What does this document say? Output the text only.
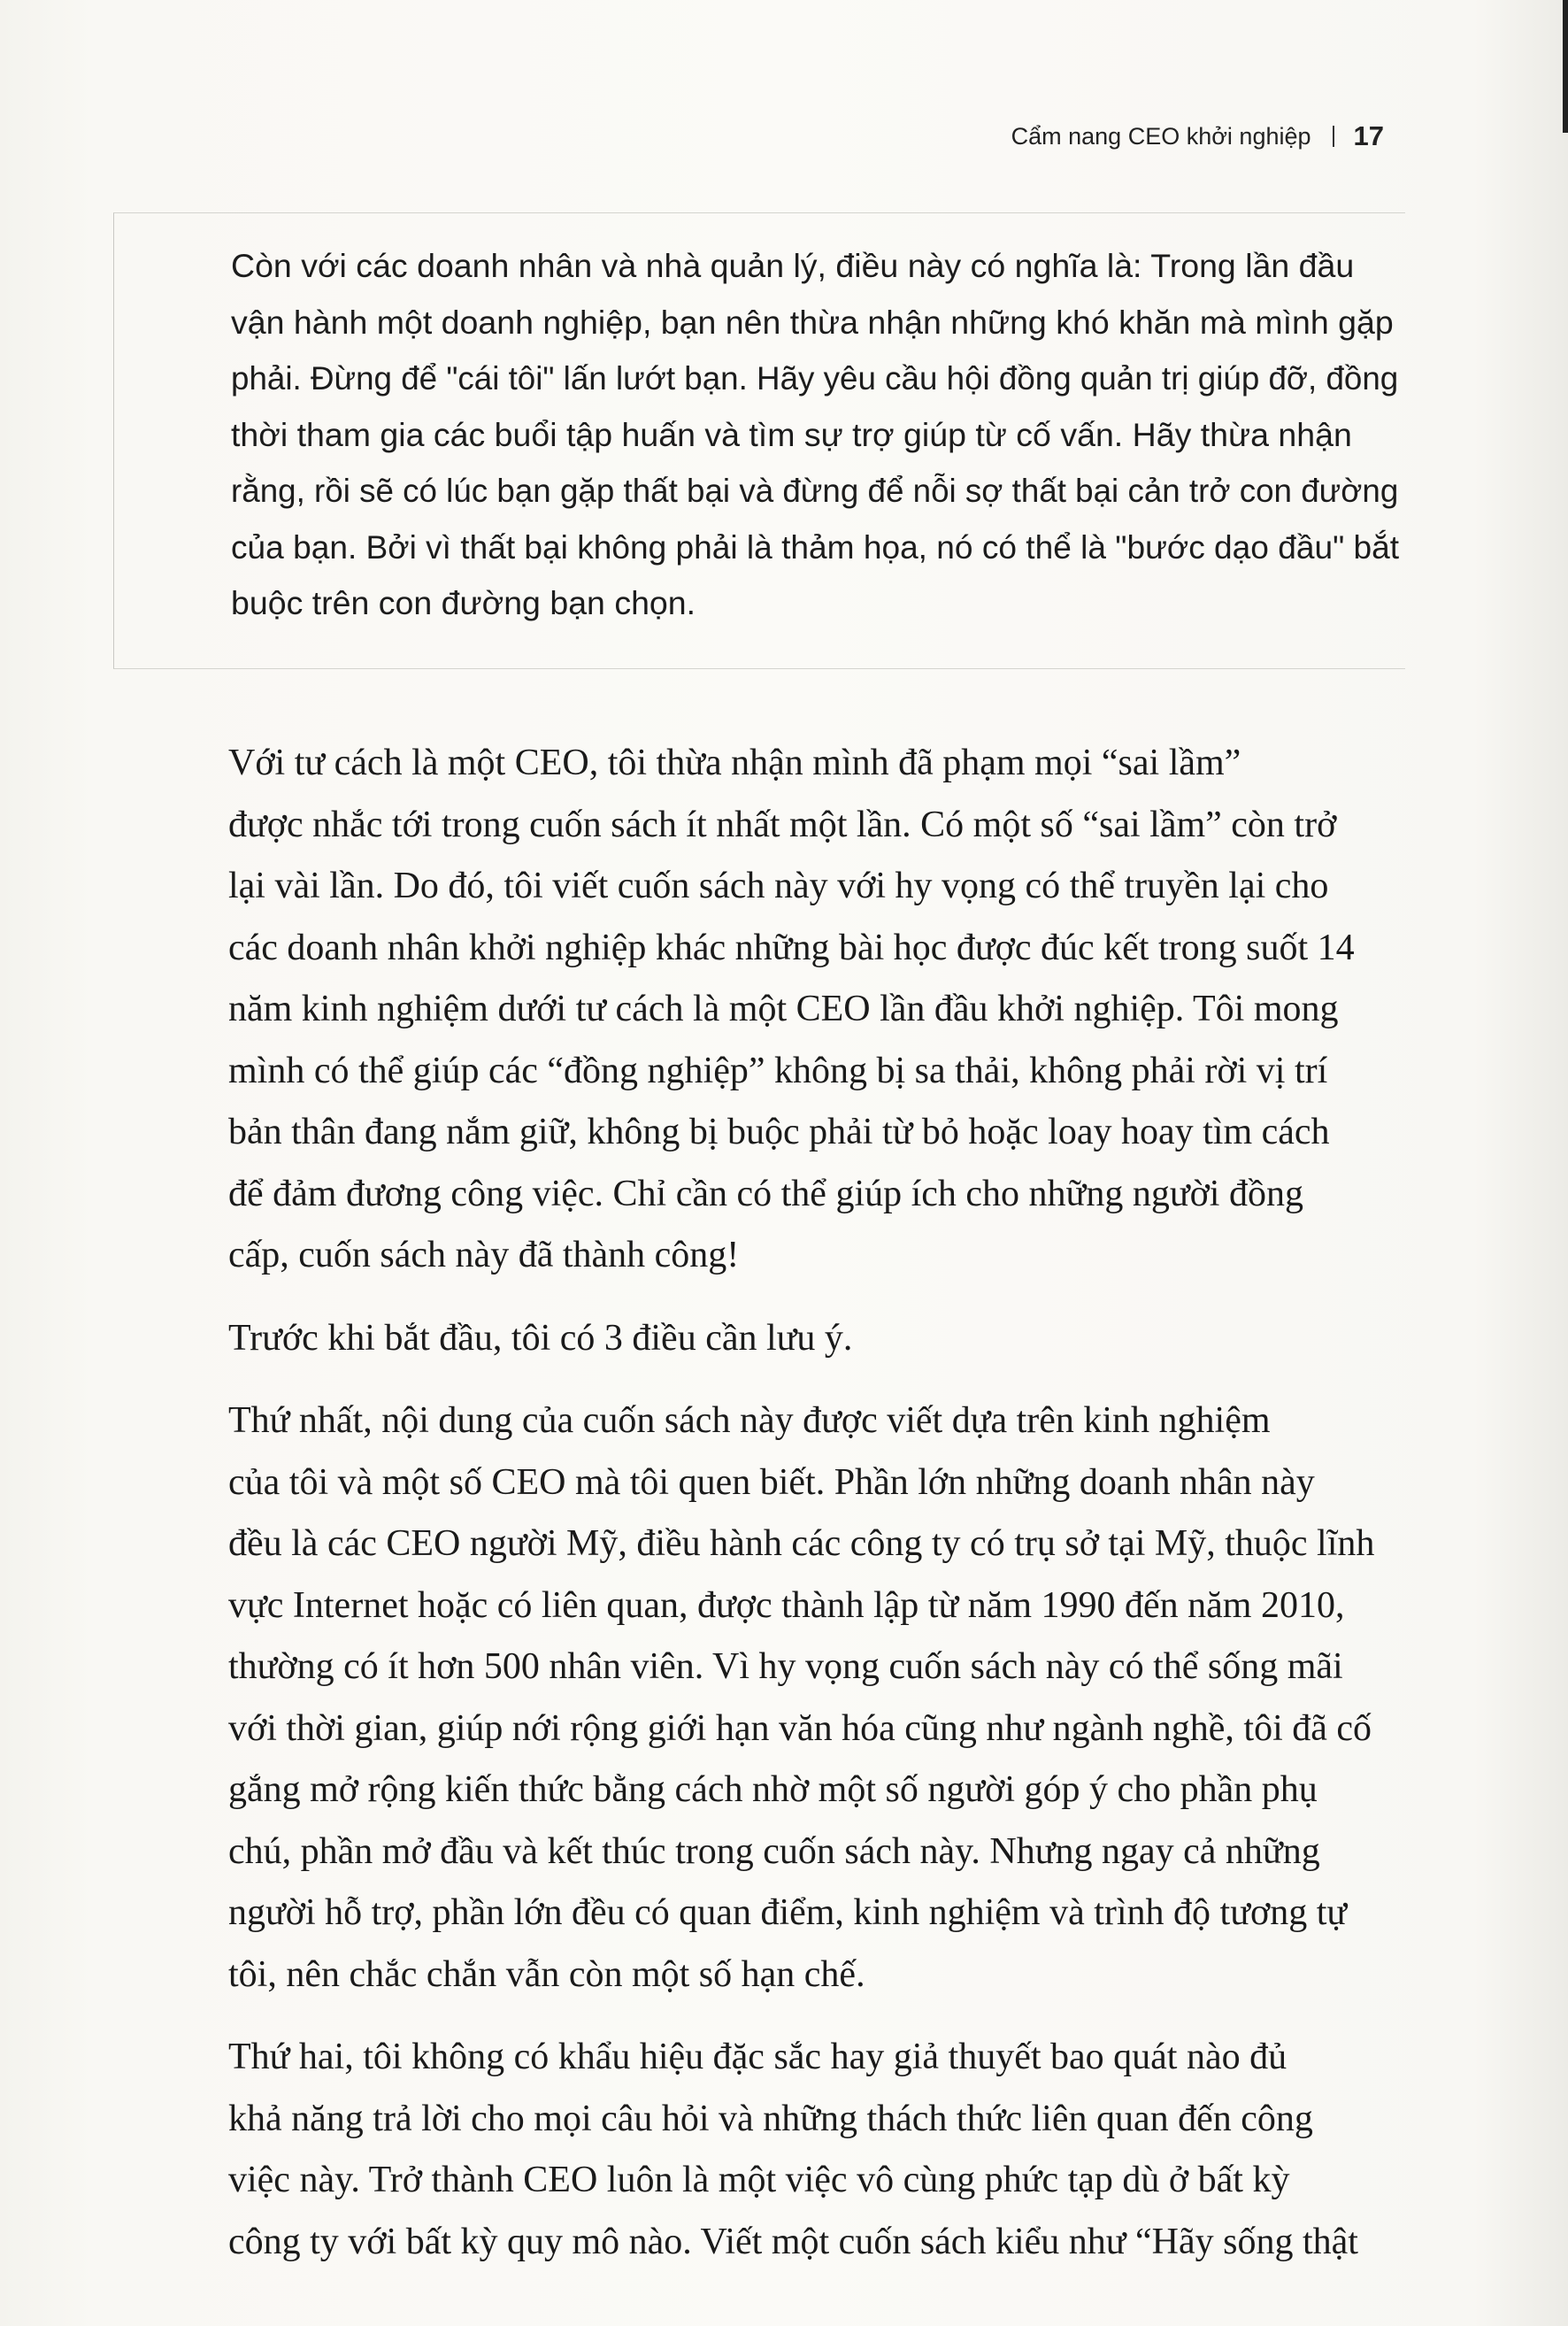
Cẩm nang CEO khởi nghiệp 17

Còn với các doanh nhân và nhà quản lý, điều này có nghĩa là: Trong lần đầu
vận hành một doanh nghiệp, bạn nên thừa nhận những khó khăn mà mình gặp
phải. Đừng để "cái tôi" lấn lướt bạn. Hãy yêu cầu hội đồng quản trị giúp đỡ, đồng
thời tham gia các buổi tập huấn và tìm sự trợ giúp từ cố vấn. Hãy thừa nhận
rằng, rồi sẽ có lúc bạn gặp thất bại và đừng để nỗi sợ thất bại cản trở con đường
của bạn. Bởi vì thất bại không phải là thảm họa, nó có thể là "bước dạo đầu" bắt
buộc trên con đường bạn chọn.

Với tư cách là một CEO, tôi thừa nhận mình đã phạm mọi “sai lầm”
được nhắc tới trong cuốn sách ít nhất một lần. Có một số “sai lầm” còn trở
lại vài lần. Do đó, tôi viết cuốn sách này với hy vọng có thể truyền lại cho
các doanh nhân khởi nghiệp khác những bài học được đúc kết trong suốt 14
năm kinh nghiệm dưới tư cách là một CEO lần đầu khởi nghiệp. Tôi mong
mình có thể giúp các “đồng nghiệp” không bị sa thải, không phải rời vị trí
bản thân đang nắm giữ, không bị buộc phải từ bỏ hoặc loay hoay tìm cách
để đảm đương công việc. Chỉ cần có thể giúp ích cho những người đồng
cấp, cuốn sách này đã thành công!

Trước khi bắt đầu, tôi có 3 điều cần lưu ý.

Thứ nhất, nội dung của cuốn sách này được viết dựa trên kinh nghiệm
của tôi và một số CEO mà tôi quen biết. Phần lớn những doanh nhân này
đều là các CEO người Mỹ, điều hành các công ty có trụ sở tại Mỹ, thuộc lĩnh
vực Internet hoặc có liên quan, được thành lập từ năm 1990 đến năm 2010,
thường có ít hơn 500 nhân viên. Vì hy vọng cuốn sách này có thể sống mãi
với thời gian, giúp nới rộng giới hạn văn hóa cũng như ngành nghề, tôi đã cố
gắng mở rộng kiến thức bằng cách nhờ một số người góp ý cho phần phụ
chú, phần mở đầu và kết thúc trong cuốn sách này. Nhưng ngay cả những
người hỗ trợ, phần lớn đều có quan điểm, kinh nghiệm và trình độ tương tự
tôi, nên chắc chắn vẫn còn một số hạn chế.

Thứ hai, tôi không có khẩu hiệu đặc sắc hay giả thuyết bao quát nào đủ
khả năng trả lời cho mọi câu hỏi và những thách thức liên quan đến công
việc này. Trở thành CEO luôn là một việc vô cùng phức tạp dù ở bất kỳ
công ty với bất kỳ quy mô nào. Viết một cuốn sách kiểu như “Hãy sống thật
